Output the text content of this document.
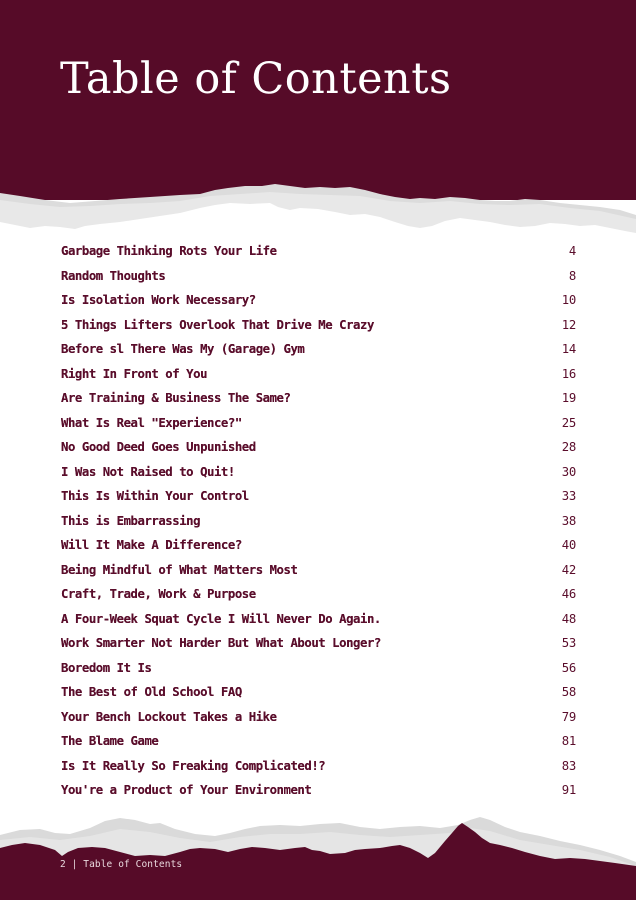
Table of Contents
2 | Table of Contents
Garbage Thinking Rots Your Life	4
Random Thoughts	8
Is Isolation Work Necessary?	10
5 Things Lifters Overlook That Drive Me Crazy	12
Before sl There Was My (Garage) Gym	14
Right In Front of You	16
Are Training & Business The Same?	19
What Is Real "Experience?"	25
No Good Deed Goes Unpunished	28
I Was Not Raised to Quit!	30
This Is Within Your Control	33
This is Embarrassing	38
Will It Make A Difference?	40
Being Mindful of What Matters Most	42
Craft, Trade, Work & Purpose	46
A Four-Week Squat Cycle I Will Never Do Again.	48
Work Smarter Not Harder But What About Longer?	53
Boredom It Is	56
The Best of Old School FAQ	58
Your Bench Lockout Takes a Hike	79
The Blame Game	81
Is It Really So Freaking Complicated!?	83
You're a Product of Your Environment	91
